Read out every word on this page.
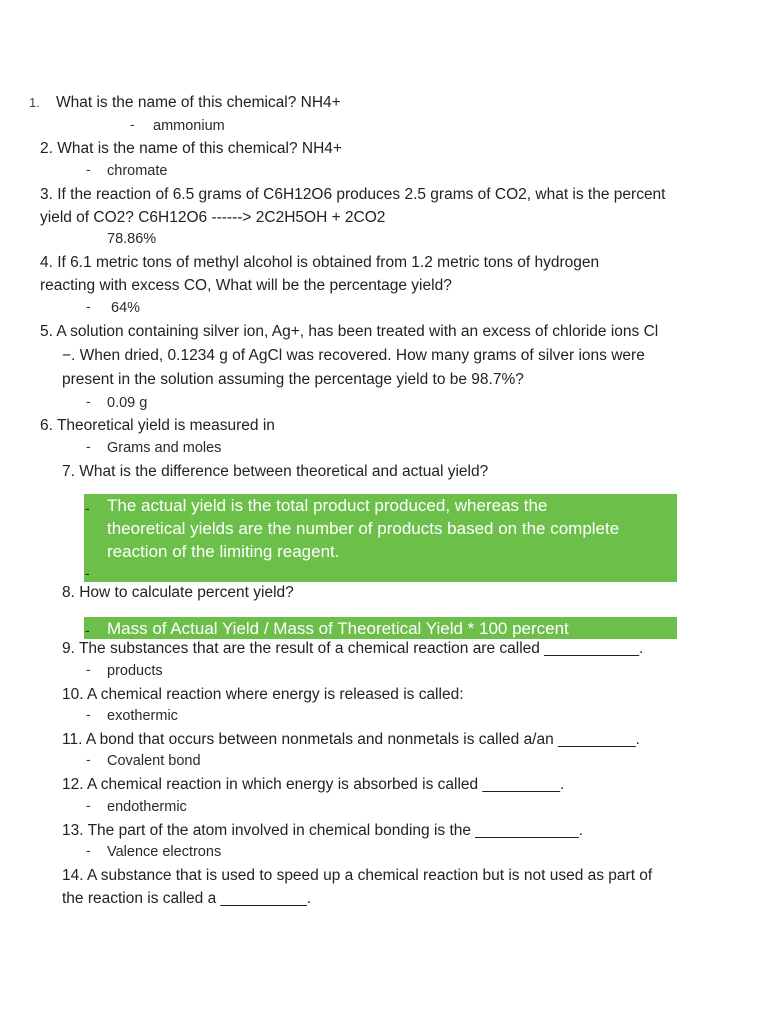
1. What is the name of this chemical? NH4+
- ammonium
2. What is the name of this chemical? NH4+
- chromate
3. If the reaction of 6.5 grams of C6H12O6 produces 2.5 grams of CO2, what is the percent
yield of CO2? C6H12O6 ------> 2C2H5OH + 2CO2
78.86%
4. If 6.1 metric tons of methyl alcohol is obtained from 1.2 metric tons of hydrogen
reacting with excess CO, What will be the percentage yield?
- 64%
5. A solution containing silver ion, Ag+, has been treated with an excess of chloride ions Cl
−. When dried, 0.1234 g of AgCl was recovered. How many grams of silver ions were
present in the solution assuming the percentage yield to be 98.7%?
- 0.09 g
6. Theoretical yield is measured in
- Grams and moles
7. What is the difference between theoretical and actual yield?
- The actual yield is the total product produced, whereas the
theoretical yields are the number of products based on the complete
reaction of the limiting reagent.
-
8. How to calculate percent yield?
- Mass of Actual Yield / Mass of Theoretical Yield * 100 percent
9. The substances that are the result of a chemical reaction are called ___________.
- products
10. A chemical reaction where energy is released is called:
- exothermic
11. A bond that occurs between nonmetals and nonmetals is called a/an _________.
- Covalent bond
12. A chemical reaction in which energy is absorbed is called _________.
- endothermic
13. The part of the atom involved in chemical bonding is the ____________.
- Valence electrons
14. A substance that is used to speed up a chemical reaction but is not used as part of
the reaction is called a __________.
